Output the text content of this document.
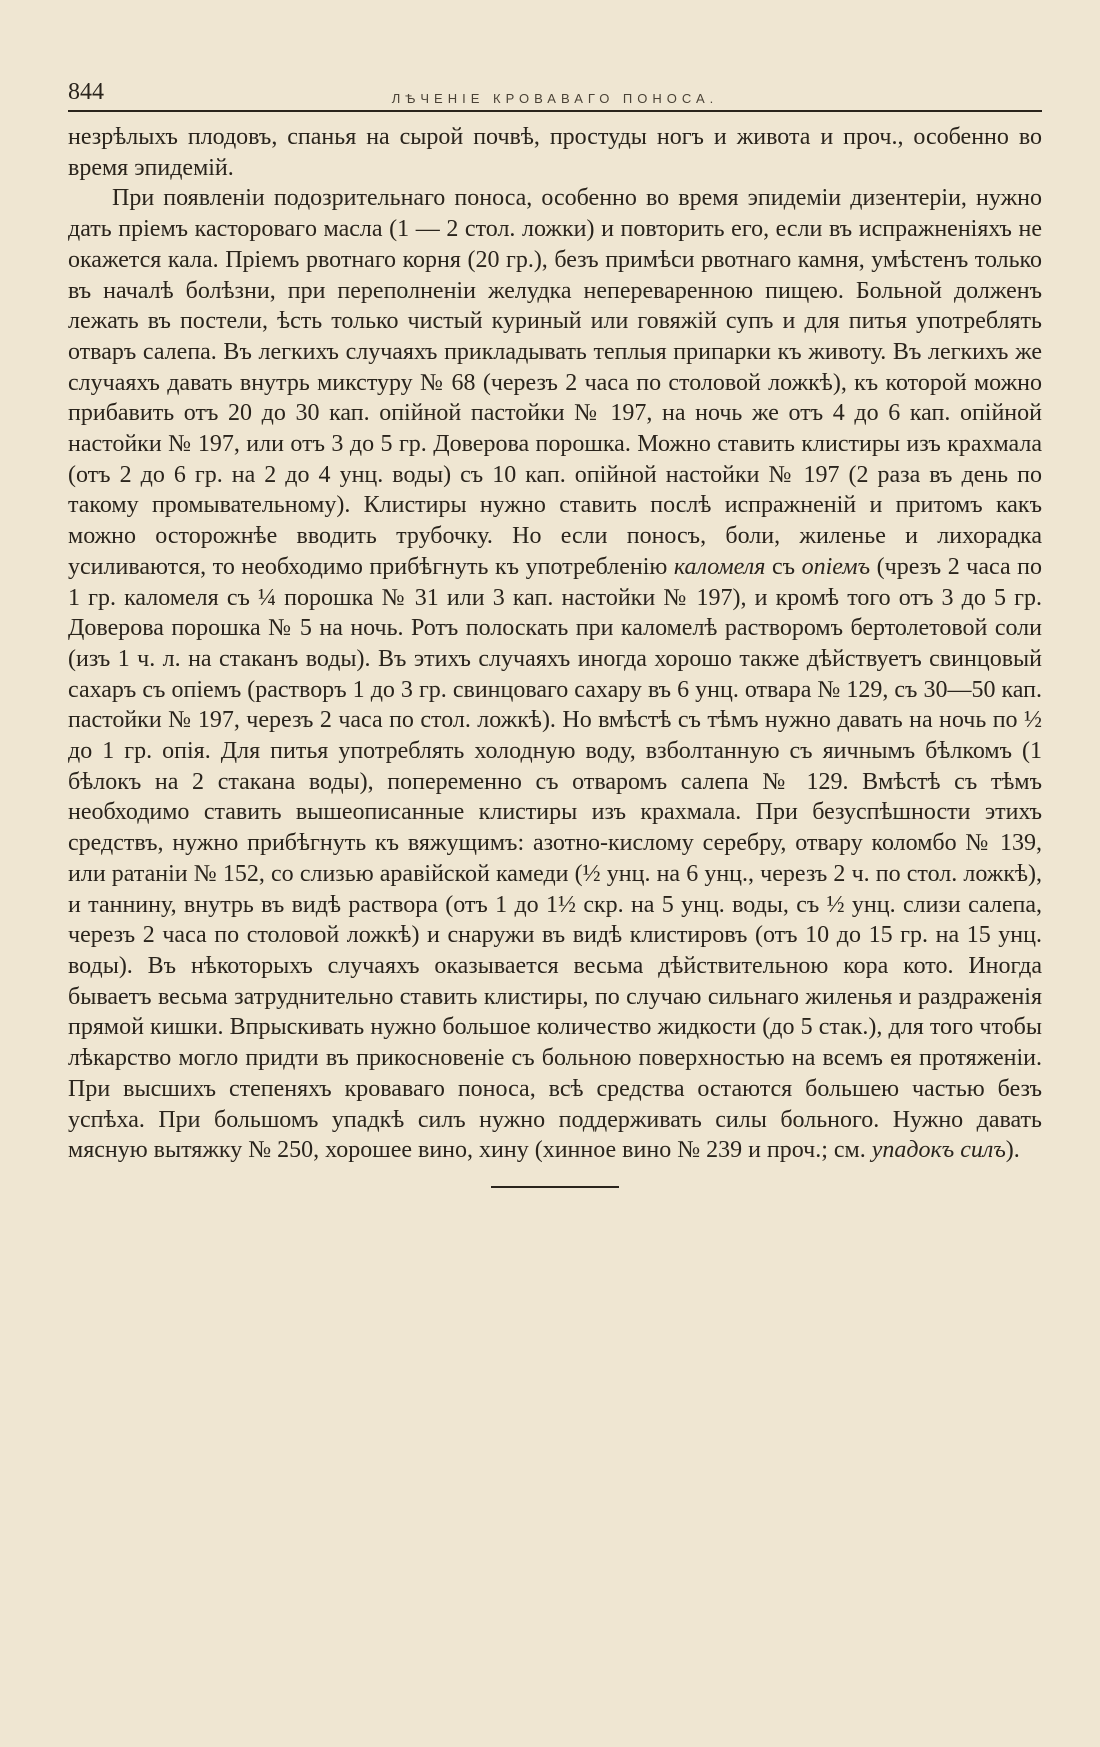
844	ЛѢЧЕНІЕ КРОВАВАГО ПОНОСА.

незрѣлыхъ плодовъ, спанья на сырой почвѣ, простуды ногъ и живота и проч., особенно во время эпидемій.

При появленіи подозрительнаго поноса, особенно во время эпидеміи дизентеріи, нужно дать пріемъ касторовагo масла (1 — 2 стол. ложки) и повторить его, если въ испражненіяхъ не окажется кала. Пріемъ рвотнаго корня (20 гр.), безъ примѣси рвотнаго камня, умѣстенъ только въ началѣ болѣзни, при переполненіи желудка непереваренною пищею. Больной долженъ лежать въ постели, ѣсть только чистый куриный или говяжій супъ и для питья употреблять отваръ салепа. Въ легкихъ случаяхъ прикладывать теплыя припарки къ животу. Въ легкихъ же случаяхъ давать внутрь микстуру № 68 (черезъ 2 часа по столовой ложкѣ), къ которой можно прибавить отъ 20 до 30 кап. опійной пастойки № 197, на ночь же отъ 4 до 6 кап. опійной настойки № 197, или отъ 3 до 5 гр. Доверова порошка. Можно ставить клистиры изъ крахмала (отъ 2 до 6 гр. на 2 до 4 унц. воды) съ 10 кап. опійной настойки № 197 (2 раза въ день по такому промывательному). Клистиры нужно ставить послѣ испражненій и притомъ какъ можно осторожнѣе вводить трубочку. Но если поносъ, боли, жиленье и лихорадка усиливаются, то необходимо прибѣгнуть къ употребленію каломеля съ опіемъ (чрезъ 2 часа по 1 гр. каломеля съ ¼ порошка № 31 или 3 кап. настойки № 197), и кромѣ того отъ 3 до 5 гр. Доверова порошка № 5 на ночь. Ротъ полоскать при каломелѣ растворомъ бертолетовой соли (изъ 1 ч. л. на стаканъ воды). Въ этихъ случаяхъ иногда хорошо также дѣйствуетъ свинцовый сахаръ съ опіемъ (растворъ 1 до 3 гр. свинцоваго сахару въ 6 унц. отвара № 129, съ 30—50 кап. пастойки № 197, черезъ 2 часа по стол. ложкѣ). Но вмѣстѣ съ тѣмъ нужно давать на ночь по ½ до 1 гр. опія. Для питья употреблять холодную воду, взболтанную съ яичнымъ бѣлкомъ (1 бѣлокъ на 2 стакана воды), попеременно съ отваромъ салепа № 129. Вмѣстѣ съ тѣмъ необходимо ставить вышеописанные клистиры изъ крахмала. При безуспѣшности этихъ средствъ, нужно прибѣгнуть къ вяжущимъ: азотно-кислому серебру, отвару коломбо № 139, или ратаніи № 152, со слизью аравійской камеди (½ унц. на 6 унц., черезъ 2 ч. по стол. ложкѣ), и таннину, внутрь въ видѣ раствора (отъ 1 до 1½ скр. на 5 унц. воды, съ ½ унц. слизи салепа, черезъ 2 часа по столовой ложкѣ) и снаружи въ видѣ клистировъ (отъ 10 до 15 гр. на 15 унц. воды). Въ нѣкоторыхъ случаяхъ оказывается весьма дѣйствительною кора кото. Иногда бываетъ весьма затруднительно ставить клистиры, по случаю сильнаго жиленья и раздраженія прямой кишки. Впрыскивать нужно большое количество жидкости (до 5 стак.), для того чтобы лѣкарство могло придти въ прикосновеніе съ больною поверхностью на всемъ ея протяженіи. При высшихъ степеняхъ кроваваго поноса, всѣ средства остаются большею частью безъ успѣха. При большомъ упадкѣ силъ нужно поддерживать силы больного. Нужно давать мясную вытяжку № 250, хорошее вино, хину (хинное вино № 239 и проч.; см. упадокъ силъ).
